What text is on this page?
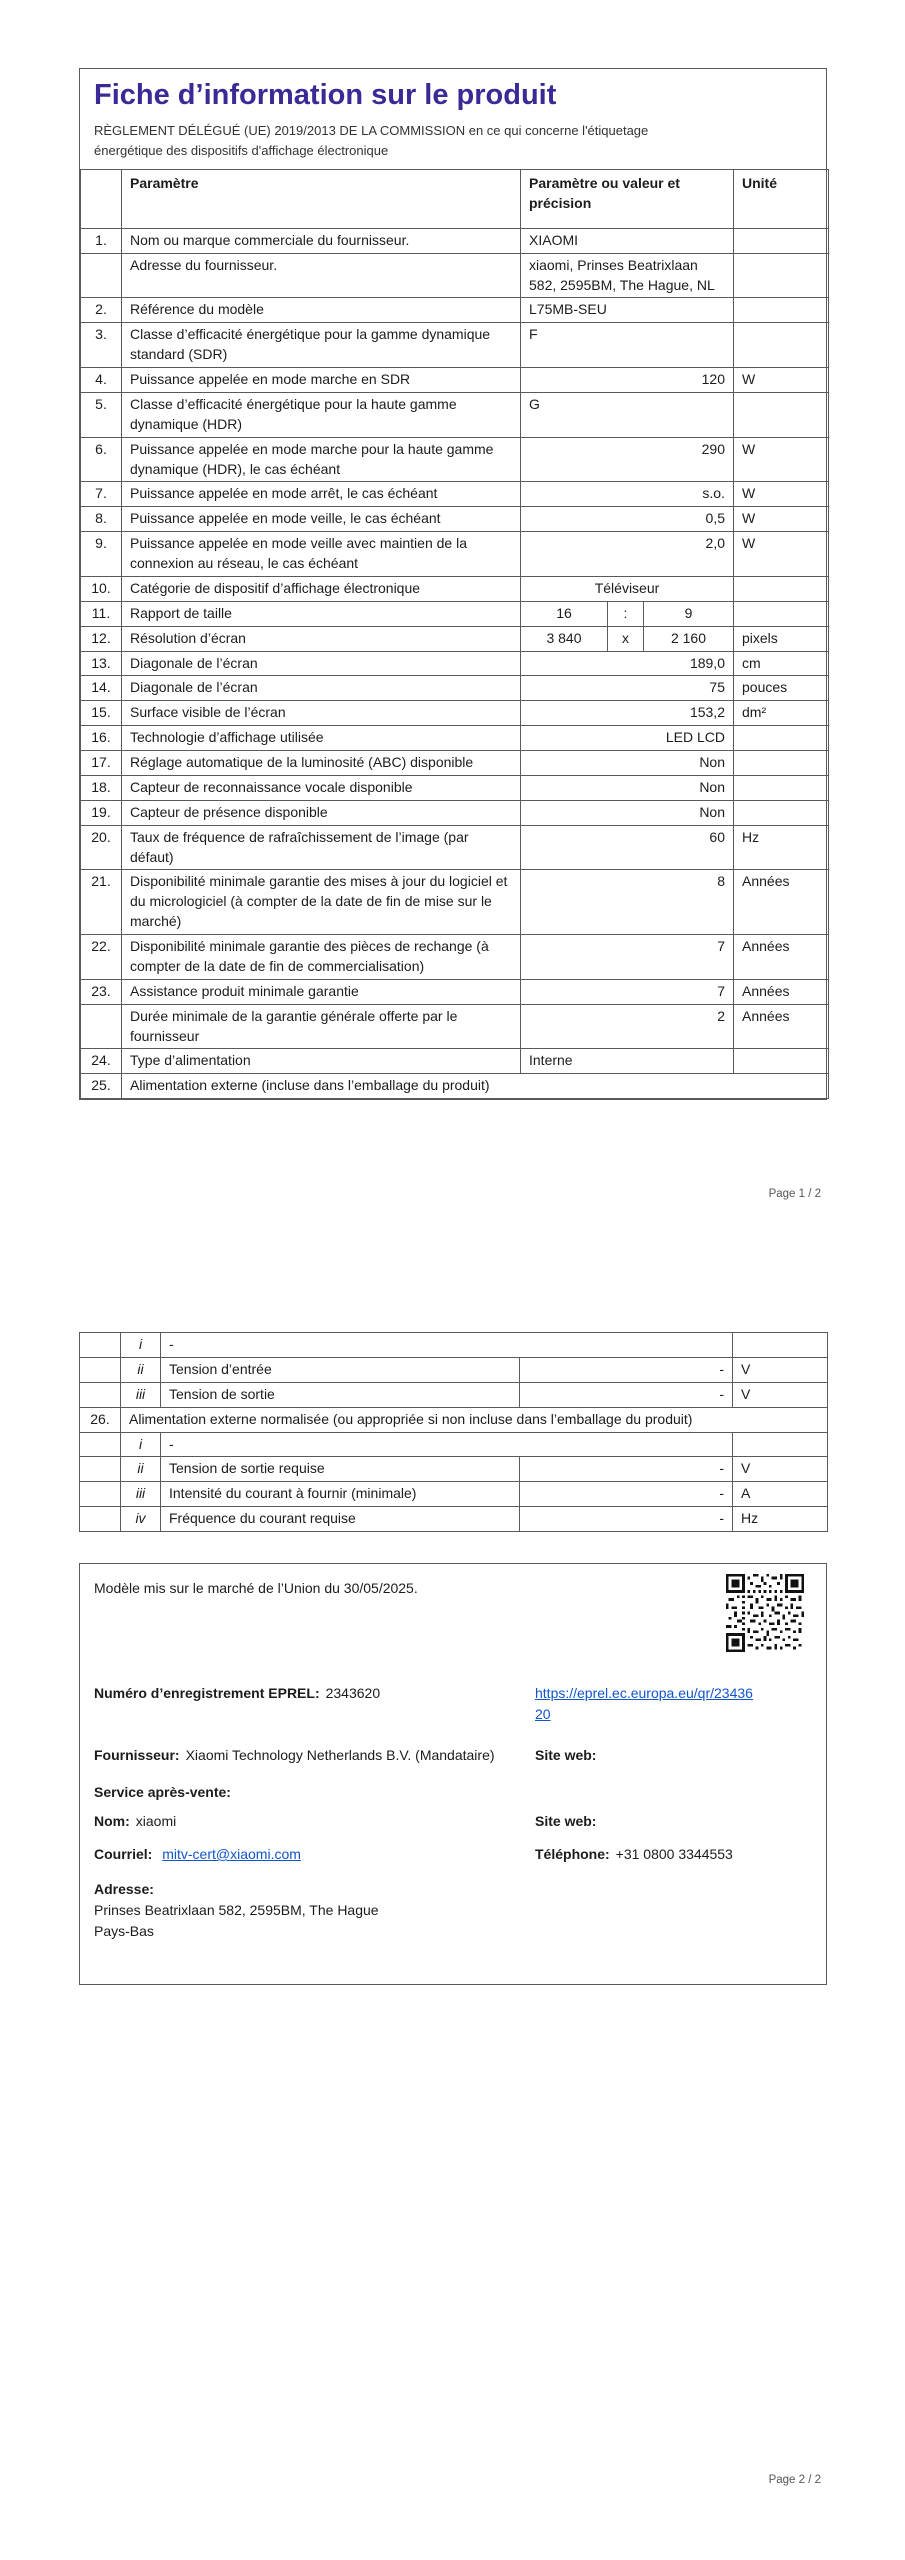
Fiche d’information sur le produit

RÈGLEMENT DÉLÉGUÉ (UE) 2019/2013 DE LA COMMISSION en ce qui concerne l'étiquetage énergétique des dispositifs d'affichage électronique

	Paramètre	Paramètre ou valeur et précision			Unité
1.	Nom ou marque commerciale du fournisseur.	XIAOMI			
	Adresse du fournisseur.	xiaomi, Prinses Beatrixlaan 582, 2595BM, The Hague, NL			
2.	Référence du modèle	L75MB-SEU			
3.	Classe d’efficacité énergétique pour la gamme dynamique standard (SDR)	F			
4.	Puissance appelée en mode marche en SDR	120			W
5.	Classe d’efficacité énergétique pour la haute gamme dynamique (HDR)	G			
6.	Puissance appelée en mode marche pour la haute gamme dynamique (HDR), le cas échéant	290			W
7.	Puissance appelée en mode arrêt, le cas échéant	s.o.			W
8.	Puissance appelée en mode veille, le cas échéant	0,5			W
9.	Puissance appelée en mode veille avec maintien de la connexion au réseau, le cas échéant	2,0			W
10.	Catégorie de dispositif d’affichage électronique	Téléviseur			
11.	Rapport de taille	16	:	9	
12.	Résolution d’écran	3 840	x	2 160	pixels
13.	Diagonale de l’écran	189,0			cm
14.	Diagonale de l’écran	75			pouces
15.	Surface visible de l’écran	153,2			dm²
16.	Technologie d’affichage utilisée	LED LCD			
17.	Réglage automatique de la luminosité (ABC) disponible	Non			
18.	Capteur de reconnaissance vocale disponible	Non			
19.	Capteur de présence disponible	Non			
20.	Taux de fréquence de rafraîchissement de l’image (par défaut)	60			Hz
21.	Disponibilité minimale garantie des mises à jour du logiciel et du micrologiciel (à compter de la date de fin de mise sur le marché)	8			Années
22.	Disponibilité minimale garantie des pièces de rechange (à compter de la date de fin de commercialisation)	7			Années
23.	Assistance produit minimale garantie	7			Années
	Durée minimale de la garantie générale offerte par le fournisseur	2			Années
24.	Type d’alimentation	Interne			
25.	Alimentation externe (incluse dans l’emballage du produit)				
Page 1 / 2
	i	-		
	ii	Tension d’entrée	-	V
	iii	Tension de sortie	-	V
26.	Alimentation externe normalisée (ou appropriée si non incluse dans l’emballage du produit)			
	i	-		
	ii	Tension de sortie requise	-	V
	iii	Intensité du courant à fournir (minimale)	-	A
	iv	Fréquence du courant requise	-	Hz

Modèle mis sur le marché de l’Union du 30/05/2025.

Numéro d’enregistrement EPREL: 2343620	https://eprel.ec.europa.eu/qr/2343620
Fournisseur: Xiaomi Technology Netherlands B.V. (Mandataire)	Site web:
Service après-vente:
Nom: xiaomi	Site web:
Courriel: mitv-cert@xiaomi.com	Téléphone: +31 0800 3344553
Adresse:

Prinses Beatrixlaan 582, 2595BM, The Hague

Pays-Bas

Page 2 / 2
